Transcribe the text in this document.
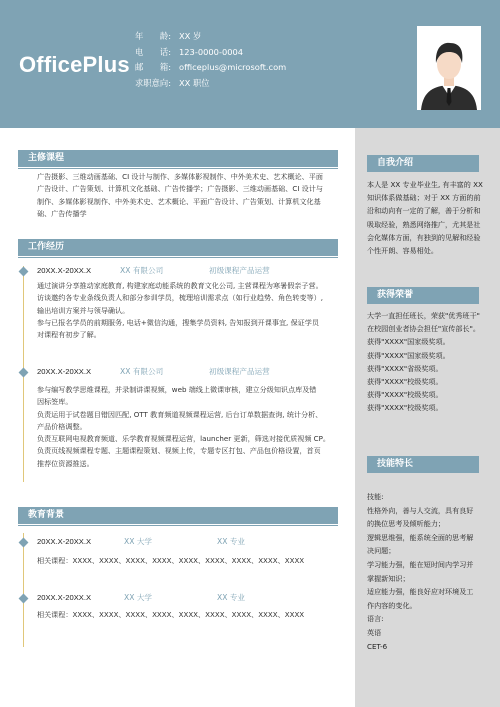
OfficePlus
年　　龄: XX 岁
电　　话: 123-0000-0004
邮　　箱: officeplus@microsoft.com
求职意向: XX 职位
主修课程
广告摄影、三维动画基础、CI 设计与制作、多媒体影视制作、中外美术史、艺术概论、平面
广告设计、广告策划、计算机文化基础、广告传播学；广告摄影、三维动画基础、CI 设计与
制作、多媒体影视制作、中外美术史、艺术概论、平面广告设计、广告策划、计算机文化基
础、广告传播学
工作经历
20XX.X-20XX.X	XX 有限公司	初级课程产品运营
通过演讲分享推动家庭教育, 构建家庭动能系统的教育文化公司, 主营课程为寒暑假亲子营。
访谈邀约各专业条线负责人和部分参训学员，梳理培训需求点（如行业趋势、角色转变等）,
输出培训方案并与领导确认。
参与已报名学员的前期服务, 电话+微信沟通，搜集学员资料, 告知报到开课事宜, 保证学员
对课程有初步了解。
20XX.X-20XX.X	XX 有限公司	初级课程产品运营
参与编写教学思维课程，并录制讲课视频，web 端线上微课审核，建立分级知识点库及错
因标签库。
负责运用于试卷题目错因匹配, OTT 教育频道视频课程运营, 后台订单数据查询, 统计分析、
产品价格调整。
负责互联网电视教育频道、乐学教育视频课程运营，launcher 更新，筛选对接优质视频 CP。
负责页线视频课程专题、主题课程策划、视频上传，专题专区打包、产品包价格设置，首页
推荐位资源推送。
教育背景
20XX.X-20XX.X	XX 大学	XX 专业
相关课程：XXXX、XXXX、XXXX、XXXX、XXXX、XXXX、XXXX、XXXX、XXXX
20XX.X-20XX.X	XX 大学	XX 专业
相关课程：XXXX、XXXX、XXXX、XXXX、XXXX、XXXX、XXXX、XXXX、XXXX
自我介绍
本人是 XX 专业毕业生, 有丰富的 XX
知识体系做基础；对于 XX 方面的前
沿和动向有一定的了解，善于分析和
吸取经验，熟悉网络推广，尤其是社
会化媒体方面，有独到的见解和经验
个性开朗、容易相处。
获得荣誉
大学一直担任班长，荣获"优秀班干"
在校园创业者协会担任"宣传部长"。
获得"XXXX"国家级奖项。
获得"XXXX"国家级奖项。
获得"XXXX"省级奖项。
获得"XXXX"校级奖项。
获得"XXXX"校级奖项。
获得"XXXX"校级奖项。
技能特长
技能:
性格外向，善与人交流，具有良好
的换位思考及倾听能力；
逻辑思维强，能系统全面的思考解
决问题；
学习能力强，能在短时间内学习并
掌握新知识；
适应能力强，能良好应对环境及工
作内容的变化。
语言:
英语
CET-6
